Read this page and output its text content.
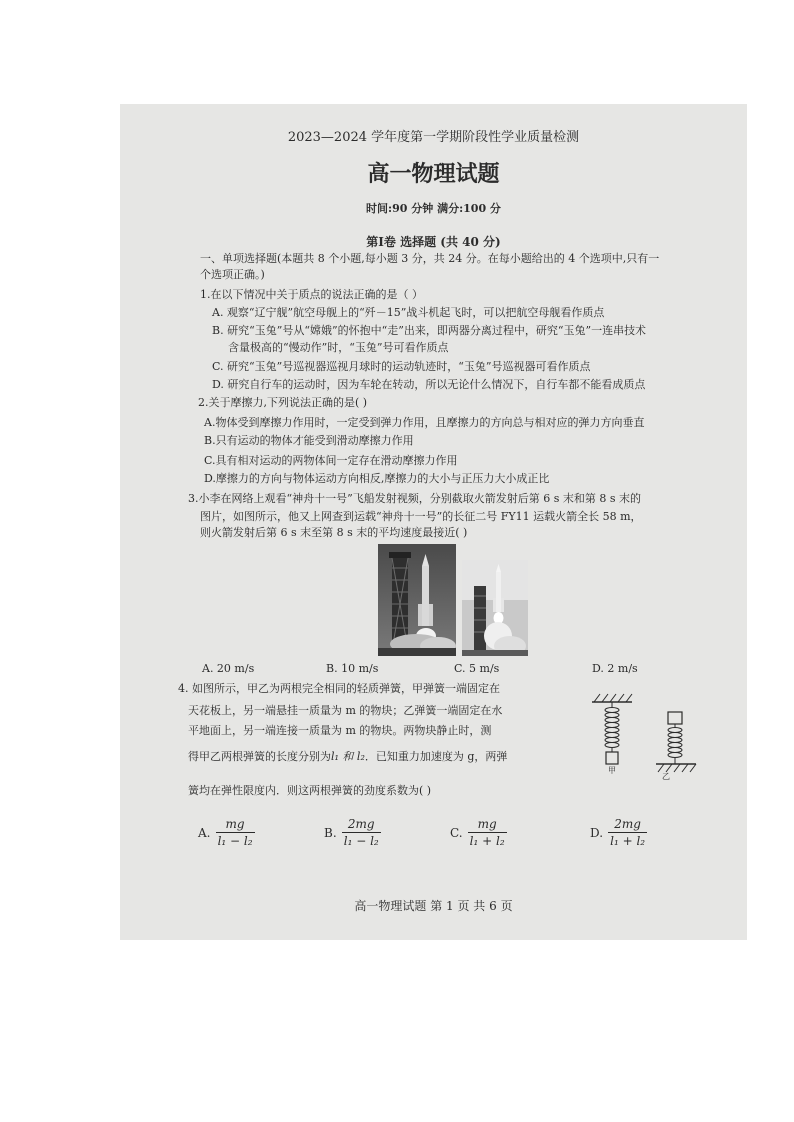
2023—2024 学年度第一学期阶段性学业质量检测
高一物理试题
时间:90 分钟 满分:100 分
第Ⅰ卷 选择题 (共 40 分)
一、单项选择题(本题共 8 个小题,每小题 3 分，共 24 分。在每小题给出的 4 个选项中,只有一
个选项正确。)
1.在以下情况中关于质点的说法正确的是（ ）
A. 观察“辽宁舰”航空母舰上的“歼－15”战斗机起飞时，可以把航空母舰看作质点
B. 研究“玉兔”号从“嫦娥”的怀抱中“走”出来，即两器分离过程中，研究“玉兔”一连串技术
含量极高的“慢动作”时，“玉兔”号可看作质点
C. 研究“玉兔”号巡视器巡视月球时的运动轨迹时，“玉兔”号巡视器可看作质点
D. 研究自行车的运动时，因为车轮在转动，所以无论什么情况下，自行车都不能看成质点
2.关于摩擦力,下列说法正确的是( )
A.物体受到摩擦力作用时，一定受到弹力作用，且摩擦力的方向总与相对应的弹力方向垂直
B.只有运动的物体才能受到滑动摩擦力作用
C.具有相对运动的两物体间一定存在滑动摩擦力作用
D.摩擦力的方向与物体运动方向相反,摩擦力的大小与正压力大小成正比
3.小李在网络上观看“神舟十一号”飞船发射视频，分别截取火箭发射后第 6 s 末和第 8 s 末的
图片，如图所示，他又上网查到运载“神舟十一号”的长征二号 FY11 运载火箭全长 58 m，
则火箭发射后第 6 s 末至第 8 s 末的平均速度最接近( )
A. 20 m/s	B. 10 m/s	C. 5 m/s	D. 2 m/s
4. 如图所示，甲乙为两根完全相同的轻质弹簧，甲弹簧一端固定在
天花板上，另一端悬挂一质量为 m 的物块；乙弹簧一端固定在水
平地面上，另一端连接一质量为 m 的物块。两物块静止时，测
得甲乙两根弹簧的长度分别为l₁ 和 l₂．已知重力加速度为 g，两弹
簧均在弹性限度内．则这两根弹簧的劲度系数为( )
甲
乙
A. $\frac{mg}{\text{l₁ − l₂}}$	B. $\frac{2mg}{\text{l₁ − l₂}}$	C. $\frac{mg}{\text{l₁ + l₂}}$	D. $\frac{2mg}{\text{l₁ + l₂}}$
高一物理试题 第 1 页 共 6 页
